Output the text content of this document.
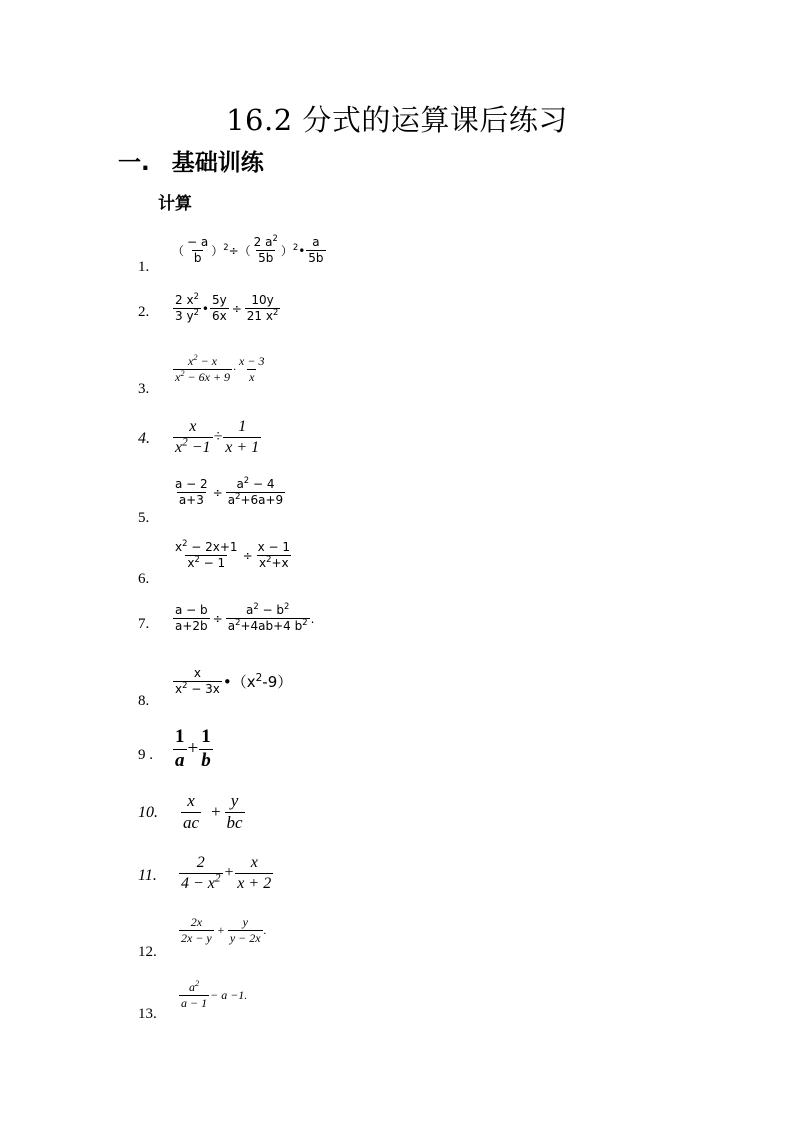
16.2 分式的运算课后练习
一. 基础训练
计算
1.
（ $\frac{- a}{b} )^2\div( \frac{2 a^2}{5b}$ ）$^2• \frac{a}{5b}$
2. $\frac{2 x^2}{3 y^2}$ • $\frac{5y}{6x} \div \frac{10y}{21 x^2}$
3.
$\frac{x^2 - x}{x^2 - 6x + 9} \cdot \frac{x - 3}{x}$
4. $\frac{x}{x^2 -1} \div \frac{1}{x + 1}$
5.
$\frac{a - 2}{a+3} \div \frac{a^2 - 4}{a^2+6a+9}$
6.
$\frac{x^2 - 2x+1}{x^2 - 1} \div \frac{x - 1}{x^2+x}$
7. $\frac{a - b}{a+2b} \div \frac{a^2 - b^2}{a^2+4ab+4 b^2}$ .
8.
$\frac{x}{x^2 - 3x}$ $•(x^2-9)$
9 . $\frac{1}{a} + \frac{1}{b}$
10. $\frac{x}{ac} + \frac{y}{bc}$
11. $\frac{2}{4 - x^2} + \frac{x}{x + 2}$
12.
$\frac{2x}{2x - y} + \frac{y}{y - 2x}$ .
13.
$\frac{a^2}{a - 1} - a -1$.
